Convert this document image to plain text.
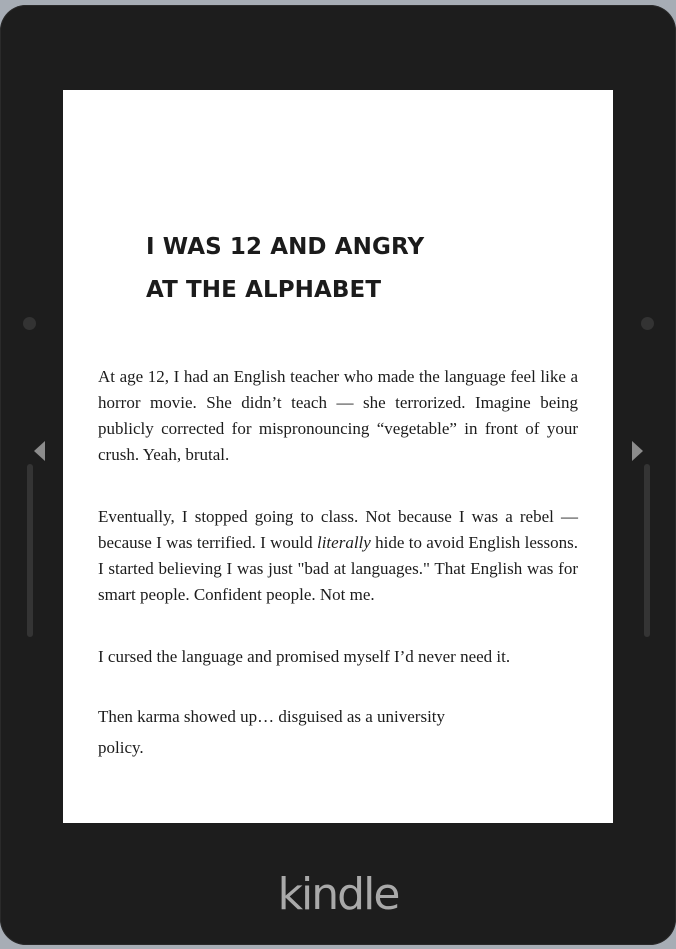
I WAS 12 AND ANGRY
AT THE ALPHABET

At age 12, I had an English teacher who made the language feel like a horror movie. She didn’t teach — she terrorized. Imagine being publicly corrected for mispronouncing “vegetable” in front of your crush. Yeah, brutal.

Eventually, I stopped going to class. Not because I was a rebel — because I was terrified. I would literally hide to avoid English lessons. I started believing I was just "bad at languages." That English was for smart people. Confident people. Not me.

I cursed the language and promised myself I’d never need it.

Then karma showed up… disguised as a university
policy.

kindle
